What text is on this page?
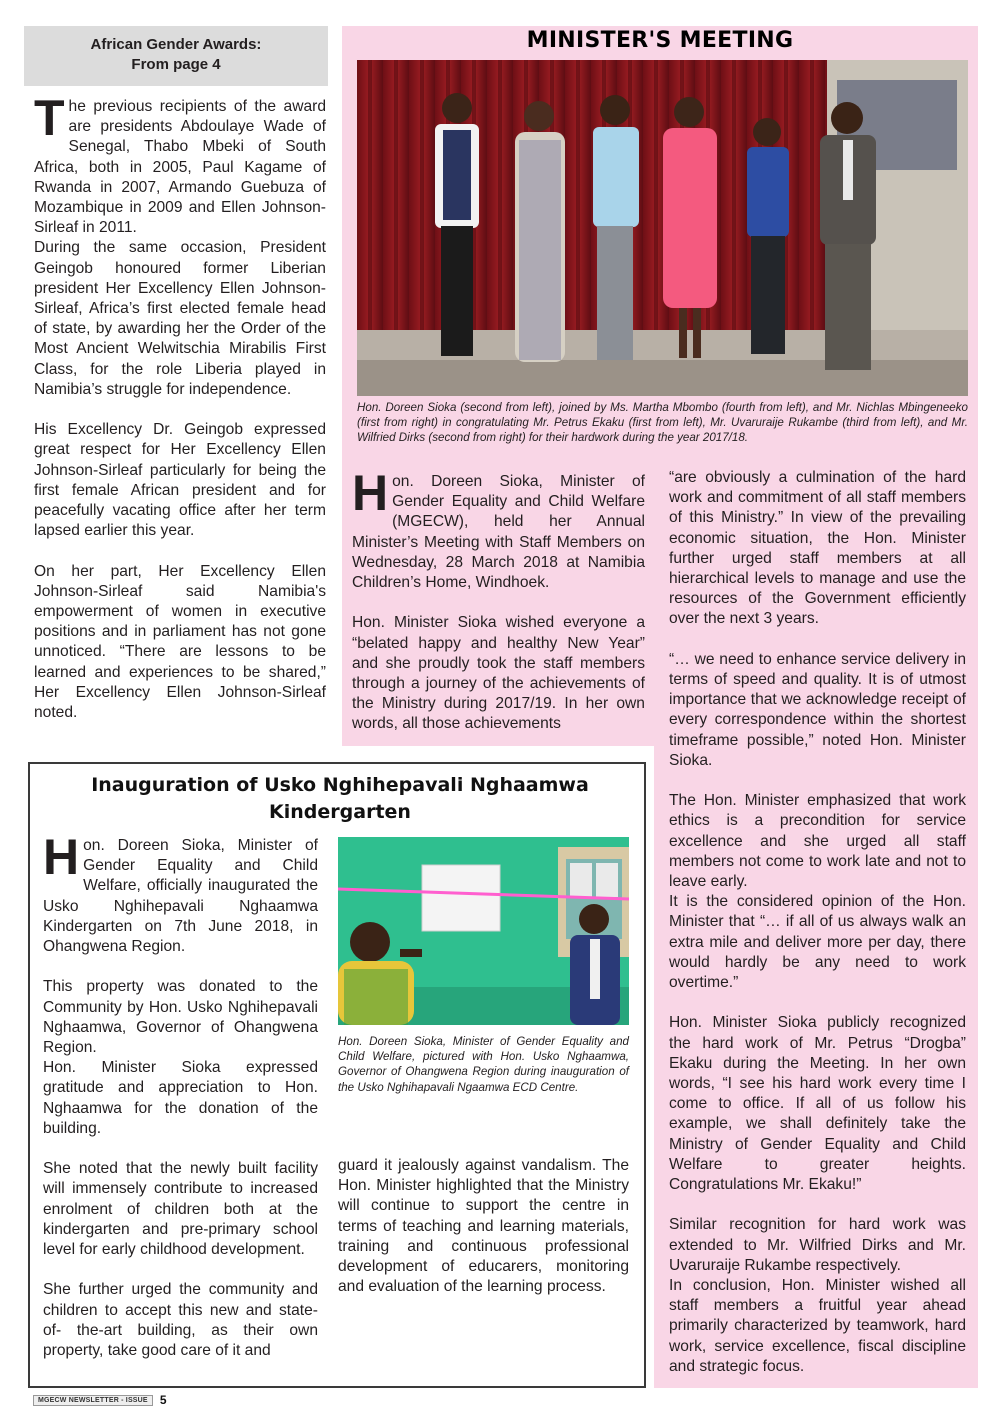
African Gender Awards:
From page 4

The previous recipients of the award are presidents Abdoulaye Wade of Senegal, Thabo Mbeki of South Africa, both in 2005, Paul Kagame of Rwanda in 2007, Armando Guebuza of Mozambique in 2009 and Ellen Johnson-Sirleaf in 2011.

During the same occasion, President Geingob honoured former Liberian president Her Excellency Ellen Johnson-Sirleaf, Africa’s first elected female head of state, by awarding her the Order of the Most Ancient Welwitschia Mirabilis First Class, for the role Liberia played in Namibia’s struggle for independence.

His Excellency Dr. Geingob expressed great respect for Her Excellency Ellen Johnson-Sirleaf particularly for being the first female African president and for peacefully vacating office after her term lapsed earlier this year.

On her part, Her Excellency Ellen Johnson-Sirleaf said Namibia's empowerment of women in executive positions and in parliament has not gone unnoticed. “There are lessons to be learned and experiences to be shared,” Her Excellency Ellen Johnson-Sirleaf noted.

MINISTER'S MEETING
Hon. Doreen Sioka (second from left), joined by Ms. Martha Mbombo (fourth from left), and Mr. Nichlas Mbingeneeko (first from right) in congratulating Mr. Petrus Ekaku (first from left), Mr. Uvaruraije Rukambe (third from left), and Mr. Wilfried Dirks (second from right) for their hardwork during the year 2017/18.

Hon. Doreen Sioka, Minister of Gender Equality and Child Welfare (MGECW), held her Annual Minister’s Meeting with Staff Members on Wednesday, 28 March 2018 at Namibia Children’s Home, Windhoek.

Hon. Minister Sioka wished everyone a “belated happy and healthy New Year” and she proudly took the staff members through a journey of the achievements of the Ministry during 2017/19. In her own words, all those achievements

“are obviously a culmination of the hard work and commitment of all staff members of this Ministry.” In view of the prevailing economic situation, the Hon. Minister further urged staff members at all hierarchical levels to manage and use the resources of the Government efficiently over the next 3 years.

“… we need to enhance service delivery in terms of speed and quality. It is of utmost importance that we acknowledge receipt of every correspondence within the shortest timeframe possible,” noted Hon. Minister Sioka.

The Hon. Minister emphasized that work ethics is a precondition for service excellence and she urged all staff members not come to work late and not to leave early.

It is the considered opinion of the Hon. Minister that “… if all of us always walk an extra mile and deliver more per day, there would hardly be any need to work overtime.”

Hon. Minister Sioka publicly recognized the hard work of Mr. Petrus “Drogba” Ekaku during the Meeting. In her own words, “I see his hard work every time I come to office. If all of us follow his example, we shall definitely take the Ministry of Gender Equality and Child Welfare to greater heights. Congratulations Mr. Ekaku!”

Similar recognition for hard work was extended to Mr. Wilfried Dirks and Mr. Uvaruraije Rukambe respectively.

In conclusion, Hon. Minister wished all staff members a fruitful year ahead primarily characterized by teamwork, hard work, service excellence, fiscal discipline and strategic focus.

Inauguration of Usko Nghihepavali Nghaamwa Kindergarten

Hon. Doreen Sioka, Minister of Gender Equality and Child Welfare, officially inaugurated the Usko Nghihepavali Nghaamwa Kindergarten on 7th June 2018, in Ohangwena Region.

This property was donated to the Community by Hon. Usko Nghihepavali Nghaamwa, Governor of Ohangwena Region.

Hon. Minister Sioka expressed gratitude and appreciation to Hon. Nghaamwa for the donation of the building.

She noted that the newly built facility will immensely contribute to increased enrolment of children both at the kindergarten and pre-primary school level for early childhood development.

She further urged the community and children to accept this new and state- of- the-art building, as their own property, take good care of it and

Hon. Doreen Sioka, Minister of Gender Equality and Child Welfare, pictured with Hon. Usko Nghaamwa, Governor of Ohangwena Region during inauguration of the Usko Nghihapavali Ngaamwa ECD Centre.

guard it jealously against vandalism. The Hon. Minister highlighted that the Ministry will continue to support the centre in terms of teaching and learning materials, training and continuous professional development of educarers, monitoring and evaluation of the learning process.

MGECW NEWSLETTER - ISSUE	5
